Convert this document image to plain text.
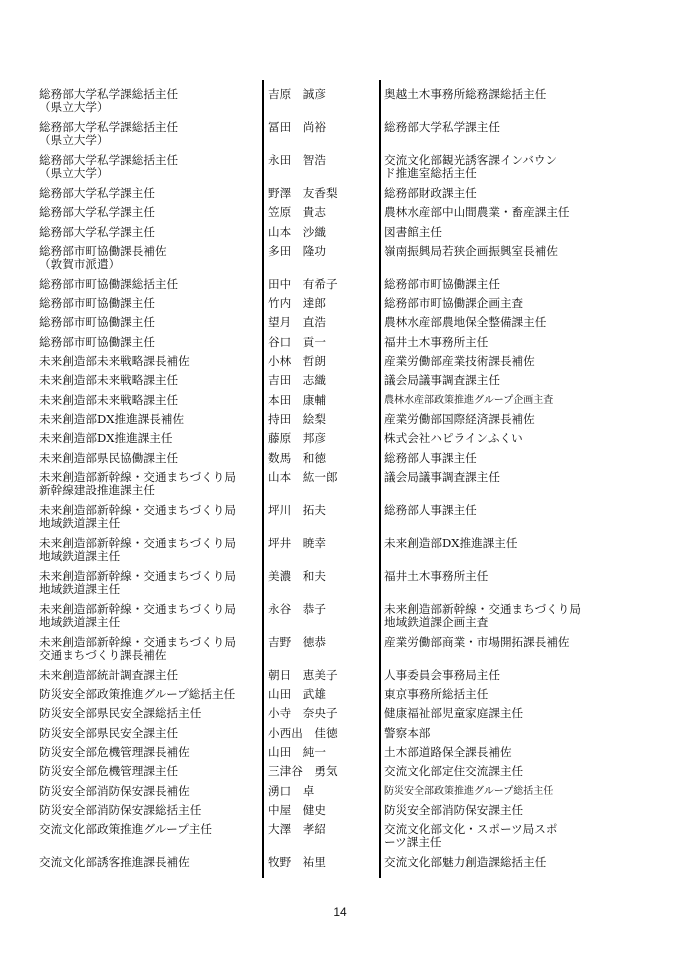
総務部大学私学課総括主任
（県立大学）
吉原　誠彦	奥越土木事務所総務課総括主任
総務部大学私学課総括主任
（県立大学）
冨田　尚裕	総務部大学私学課主任
総務部大学私学課総括主任
（県立大学）
永田　智浩	交流文化部観光誘客課インバウン
ド推進室総括主任
総務部大学私学課主任	野澤　友香梨	総務部財政課主任
総務部大学私学課主任	笠原　貴志	農林水産部中山間農業・畜産課主任
総務部大学私学課主任	山本　沙織	図書館主任
総務部市町協働課長補佐
（敦賀市派遣）
多田　隆功	嶺南振興局若狭企画振興室長補佐
総務部市町協働課総括主任	田中　有希子	総務部市町協働課主任
総務部市町協働課主任	竹内　達郎	総務部市町協働課企画主査
総務部市町協働課主任	望月　直浩	農林水産部農地保全整備課主任
総務部市町協働課主任	谷口　貢一	福井土木事務所主任
未来創造部未来戦略課長補佐	小林　哲朗	産業労働部産業技術課長補佐
未来創造部未来戦略課主任	吉田　志織	議会局議事調査課主任
未来創造部未来戦略課主任	本田　康輔	農林水産部政策推進グループ企画主査
未来創造部DX推進課長補佐	持田　絵梨	産業労働部国際経済課長補佐
未来創造部DX推進課主任	藤原　邦彦	株式会社ハピラインふくい
未来創造部県民協働課主任	数馬　和徳	総務部人事課主任
未来創造部新幹線・交通まちづくり局
新幹線建設推進課主任
山本　紘一郎	議会局議事調査課主任
未来創造部新幹線・交通まちづくり局
地域鉄道課主任
坪川　拓夫	総務部人事課主任
未来創造部新幹線・交通まちづくり局
地域鉄道課主任
坪井　暁幸	未来創造部DX推進課主任
未来創造部新幹線・交通まちづくり局
地域鉄道課主任
美濃　和夫	福井土木事務所主任
未来創造部新幹線・交通まちづくり局
地域鉄道課主任
永谷　恭子	未来創造部新幹線・交通まちづくり局
地域鉄道課企画主査
未来創造部新幹線・交通まちづくり局
交通まちづくり課長補佐
吉野　徳恭	産業労働部商業・市場開拓課長補佐
未来創造部統計調査課主任	朝日　恵美子	人事委員会事務局主任
防災安全部政策推進グループ総括主任	山田　武雄	東京事務所総括主任
防災安全部県民安全課総括主任	小寺　奈央子	健康福祉部児童家庭課主任
防災安全部県民安全課主任	小西出　佳徳	警察本部
防災安全部危機管理課長補佐	山田　純一	土木部道路保全課長補佐
防災安全部危機管理課主任	三津谷　勇気	交流文化部定住交流課主任
防災安全部消防保安課長補佐	湧口　卓	防災安全部政策推進グループ総括主任
防災安全部消防保安課総括主任	中屋　健史	防災安全部消防保安課主任
交流文化部政策推進グループ主任	大澤　孝紹	交流文化部文化・スポーツ局スポ
ーツ課主任
交流文化部誘客推進課長補佐	牧野　祐里	交流文化部魅力創造課総括主任
14
